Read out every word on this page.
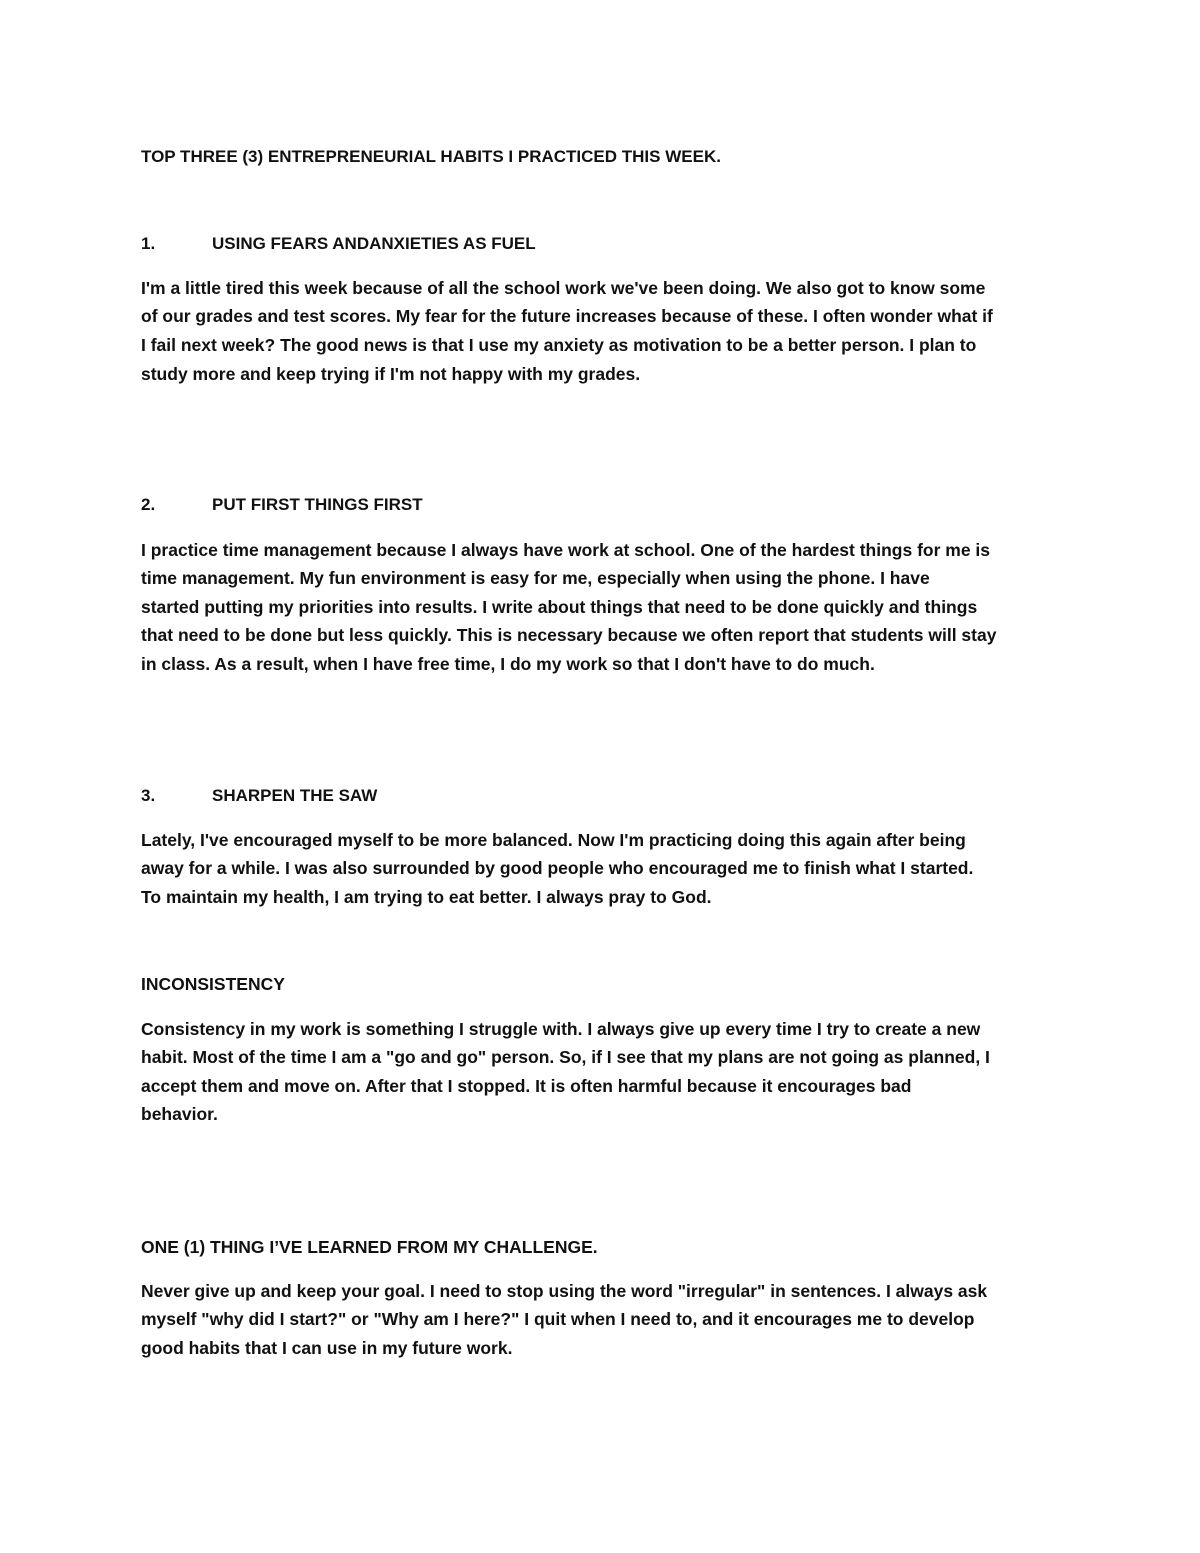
TOP THREE (3) ENTREPRENEURIAL HABITS I PRACTICED THIS WEEK.
1.	USING FEARS ANDANXIETIES AS FUEL
I'm a little tired this week because of all the school work we've been doing. We also got to know some
of our grades and test scores. My fear for the future increases because of these. I often wonder what if
I fail next week? The good news is that I use my anxiety as motivation to be a better person. I plan to
study more and keep trying if I'm not happy with my grades.
2.	PUT FIRST THINGS FIRST
I practice time management because I always have work at school. One of the hardest things for me is
time management. My fun environment is easy for me, especially when using the phone. I have
started putting my priorities into results. I write about things that need to be done quickly and things
that need to be done but less quickly. This is necessary because we often report that students will stay
in class. As a result, when I have free time, I do my work so that I don't have to do much.
3.	SHARPEN THE SAW
Lately, I've encouraged myself to be more balanced. Now I'm practicing doing this again after being
away for a while. I was also surrounded by good people who encouraged me to finish what I started.
To maintain my health, I am trying to eat better. I always pray to God.
INCONSISTENCY
Consistency in my work is something I struggle with. I always give up every time I try to create a new
habit. Most of the time I am a "go and go" person. So, if I see that my plans are not going as planned, I
accept them and move on. After that I stopped. It is often harmful because it encourages bad
behavior.
ONE (1) THING I’VE LEARNED FROM MY CHALLENGE.
Never give up and keep your goal. I need to stop using the word "irregular" in sentences. I always ask
myself "why did I start?" or "Why am I here?" I quit when I need to, and it encourages me to develop
good habits that I can use in my future work.
